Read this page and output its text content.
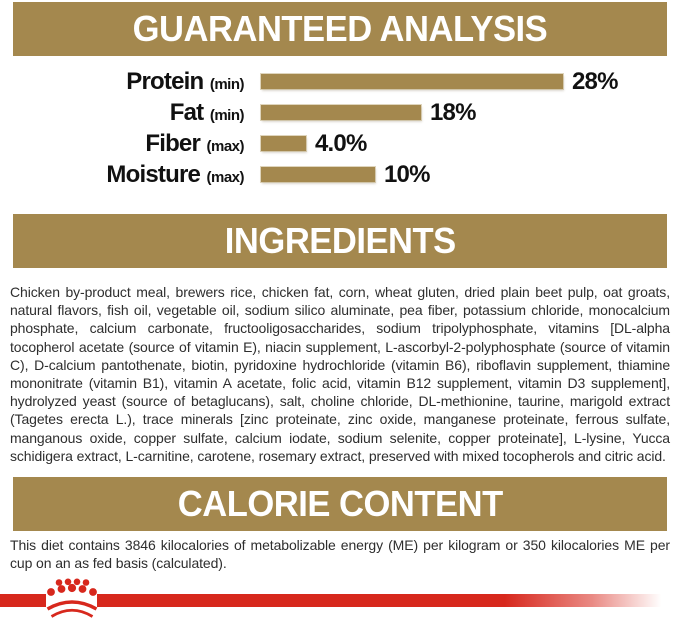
GUARANTEED ANALYSIS
Protein (min)	28%
Fat (min)	18%
Fiber (max)	4.0%
Moisture (max)	10%
INGREDIENTS

Chicken by-product meal, brewers rice, chicken fat, corn, wheat gluten, dried plain beet pulp, oat groats, natural flavors, fish oil, vegetable oil, sodium silico aluminate, pea fiber, potassium chloride, monocalcium phosphate, calcium carbonate, fructooligosaccharides, sodium tripolyphosphate, vitamins [DL-alpha tocopherol acetate (source of vitamin E), niacin supplement, L-ascorbyl-2-polyphosphate (source of vitamin C), D-calcium pantothenate, biotin, pyridoxine hydrochloride (vitamin B6), riboflavin supplement, thiamine mononitrate (vitamin B1), vitamin A acetate, folic acid, vitamin B12 supplement, vitamin D3 supplement], hydrolyzed yeast (source of betaglucans), salt, choline chloride, DL-methionine, taurine, marigold extract (Tagetes erecta L.), trace minerals [zinc proteinate, zinc oxide, manganese proteinate, ferrous sulfate, manganous oxide, copper sulfate, calcium iodate, sodium selenite, copper proteinate], L-lysine, Yucca schidigera extract, L-carnitine, carotene, rosemary extract, preserved with mixed tocopherols and citric acid.

CALORIE CONTENT

This diet contains 3846 kilocalories of metabolizable energy (ME) per kilogram or 350 kilocalories ME per cup on an as fed basis (calculated).
